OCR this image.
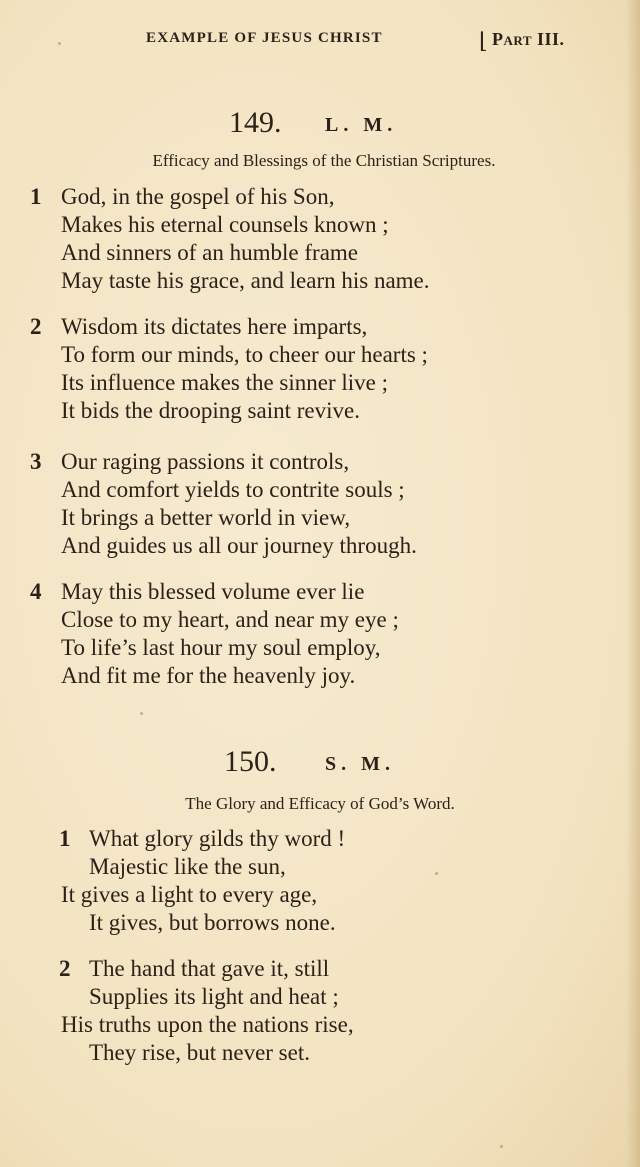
EXAMPLE OF JESUS CHRIST	⌊ Part III.
149. L. M.
Efficacy and Blessings of the Christian Scriptures.
1 God, in the gospel of his Son,
Makes his eternal counsels known ;
And sinners of an humble frame
May taste his grace, and learn his name.
2 Wisdom its dictates here imparts,
To form our minds, to cheer our hearts ;
Its influence makes the sinner live ;
It bids the drooping saint revive.
3 Our raging passions it controls,
And comfort yields to contrite souls ;
It brings a better world in view,
And guides us all our journey through.
4 May this blessed volume ever lie
Close to my heart, and near my eye ;
To life’s last hour my soul employ,
And fit me for the heavenly joy.
150. S. M.
The Glory and Efficacy of God’s Word.
1 What glory gilds thy word !
Majestic like the sun,
It gives a light to every age,
It gives, but borrows none.
2 The hand that gave it, still
Supplies its light and heat ;
His truths upon the nations rise,
They rise, but never set.
